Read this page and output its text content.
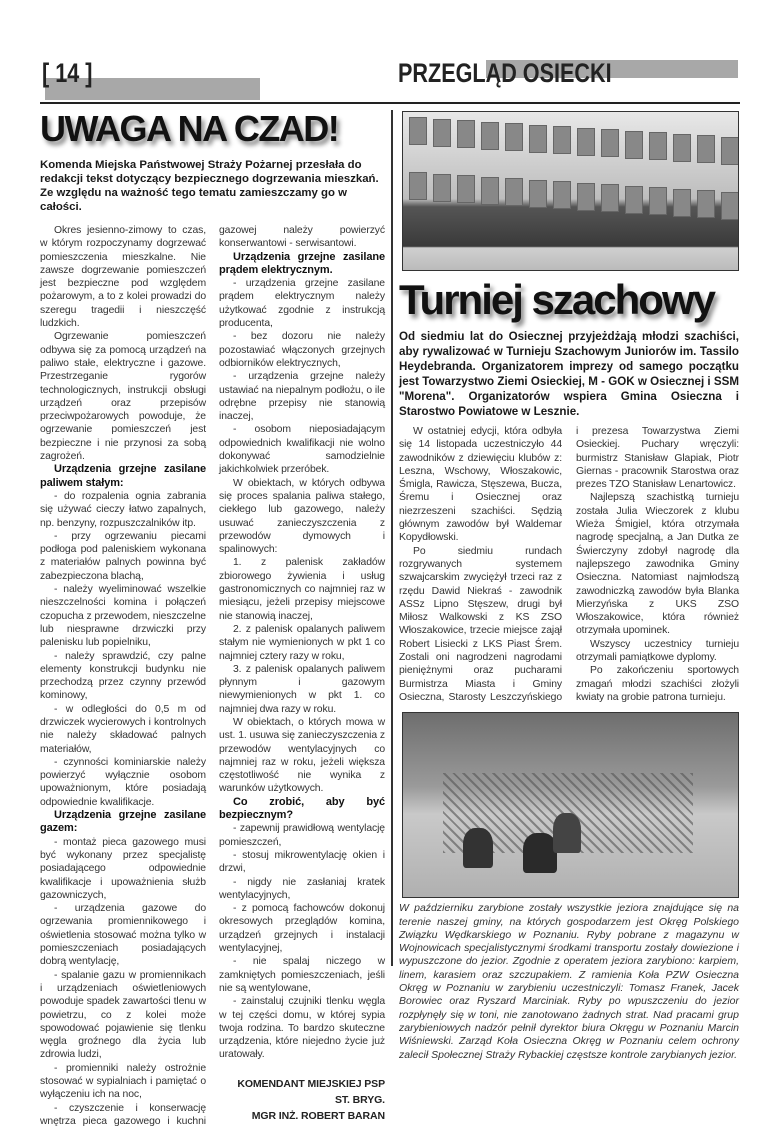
[ 14 ]	PRZEGLĄD OSIECKI
UWAGA NA CZAD!

Komenda Miejska Państwowej Straży Pożarnej przesłała do redakcji tekst dotyczący bezpiecznego dogrzewania mieszkań. Ze względu na ważność tego tematu zamieszczamy go w całości.

Okres jesienno-zimowy to czas, w którym rozpoczynamy dogrzewać pomieszczenia mieszkalne. Nie zawsze dogrzewanie pomieszczeń jest bezpieczne pod względem pożarowym, a to z kolei prowadzi do szeregu tragedii i nieszczęść ludzkich.

Ogrzewanie pomieszczeń odbywa się za pomocą urządzeń na paliwo stałe, elektryczne i gazowe. Przestrzeganie rygorów technologicznych, instrukcji obsługi urządzeń oraz przepisów przeciwpożarowych powoduje, że ogrzewanie pomieszczeń jest bezpieczne i nie przynosi za sobą zagrożeń.

Urządzenia grzejne zasilane paliwem stałym:

- do rozpalenia ognia zabrania się używać cieczy łatwo zapalnych, np. benzyny, rozpuszczalników itp.

- przy ogrzewaniu piecami podłoga pod paleniskiem wykonana z materiałów palnych powinna być zabezpieczona blachą,

- należy wyeliminować wszelkie nieszczelności komina i połączeń czopucha z przewodem, nieszczelne lub niesprawne drzwiczki przy palenisku lub popielniku,

- należy sprawdzić, czy palne elementy konstrukcji budynku nie przechodzą przez czynny przewód kominowy,

- w odległości do 0,5 m od drzwiczek wycierowych i kontrolnych nie należy składować palnych materiałów,

- czynności kominiarskie należy powierzyć wyłącznie osobom upoważnionym, które posiadają odpowiednie kwalifikacje.

Urządzenia grzejne zasilane gazem:

- montaż pieca gazowego musi być wykonany przez specjalistę posiadającego odpowiednie kwalifikacje i upoważnienia służb gazowniczych,

- urządzenia gazowe do ogrzewania promiennikowego i oświetlenia stosować można tylko w pomieszczeniach posiadających dobrą wentylację,

- spalanie gazu w promiennikach i urządzeniach oświetleniowych powoduje spadek zawartości tlenu w powietrzu, co z kolei może spowodować pojawienie się tlenku węgla groźnego dla życia lub zdrowia ludzi,

- promienniki należy ostrożnie stosować w sypialniach i pamiętać o wyłączeniu ich na noc,

- czyszczenie i konserwację wnętrza pieca gazowego i kuchni gazowej należy powierzyć konserwantowi - serwisantowi.

Urządzenia grzejne zasilane prądem elektrycznym.

- urządzenia grzejne zasilane prądem elektrycznym należy użytkować zgodnie z instrukcją producenta,

- bez dozoru nie należy pozostawiać włączonych grzejnych odbiorników elektrycznych,

- urządzenia grzejne należy ustawiać na niepalnym podłożu, o ile odrębne przepisy nie stanowią inaczej,

- osobom nieposiadającym odpowiednich kwalifikacji nie wolno dokonywać samodzielnie jakichkolwiek przeróbek.

W obiektach, w których odbywa się proces spalania paliwa stałego, ciekłego lub gazowego, należy usuwać zanieczyszczenia z przewodów dymowych i spalinowych:

1. z palenisk zakładów zbiorowego żywienia i usług gastronomicznych co najmniej raz w miesiącu, jeżeli przepisy miejscowe nie stanowią inaczej,

2. z palenisk opalanych paliwem stałym nie wymienionych w pkt 1 co najmniej cztery razy w roku,

3. z palenisk opalanych paliwem płynnym i gazowym niewymienionych w pkt 1. co najmniej dwa razy w roku.

W obiektach, o których mowa w ust. 1. usuwa się zanieczyszczenia z przewodów wentylacyjnych co najmniej raz w roku, jeżeli większa częstotliwość nie wynika z warunków użytkowych.

Co zrobić, aby być bezpiecznym?

- zapewnij prawidłową wentylację pomieszczeń,

- stosuj mikrowentylację okien i drzwi,

- nigdy nie zasłaniaj kratek wentylacyjnych,

- z pomocą fachowców dokonuj okresowych przeglądów komina, urządzeń grzejnych i instalacji wentylacyjnej,

- nie spalaj niczego w zamkniętych pomieszczeniach, jeśli nie są wentylowane,

- zainstaluj czujniki tlenku węgla w tej części domu, w której sypia twoja rodzina. To bardzo skuteczne urządzenia, które niejedno życie już uratowały.

KOMENDANT MIEJSKIEJ PSP
ST. BRYG.
MGR INŻ. ROBERT BARAN
Turniej szachowy

Od siedmiu lat do Osiecznej przyjeżdżają młodzi szachiści, aby rywalizować w Turnieju Szachowym Juniorów im. Tassilo Heydebranda. Organizatorem imprezy od samego początku jest Towarzystwo Ziemi Osieckiej, M - GOK w Osiecznej i SSM "Morena". Organizatorów wspiera Gmina Osieczna i Starostwo Powiatowe w Lesznie.

W ostatniej edycji, która odbyła się 14 listopada uczestniczyło 44 zawodników z dziewięciu klubów z: Leszna, Wschowy, Włoszakowic, Śmigla, Rawicza, Stęszewa, Bucza, Śremu i Osiecznej oraz niezrzeszeni szachiści. Sędzią głównym zawodów był Waldemar Kopydłowski.

Po siedmiu rundach rozgrywanych systemem szwajcarskim zwyciężył trzeci raz z rzędu Dawid Niekraś - zawodnik ASSz Lipno Stęszew, drugi był Miłosz Walkowski z KS ZSO Włoszakowice, trzecie miejsce zajął Robert Lisiecki z LKS Piast Śrem. Zostali oni nagrodzeni nagrodami pieniężnymi oraz pucharami Burmistrza Miasta i Gminy Osieczna, Starosty Leszczyńskiego i prezesa Towarzystwa Ziemi Osieckiej. Puchary wręczyli: burmistrz Stanisław Glapiak, Piotr Giernas - pracownik Starostwa oraz prezes TZO Stanisław Lenartowicz.

Najlepszą szachistką turnieju została Julia Wieczorek z klubu Wieża Śmigiel, która otrzymała nagrodę specjalną, a Jan Dutka ze Świerczyny zdobył nagrodę dla najlepszego zawodnika Gminy Osieczna. Natomiast najmłodszą zawodniczką zawodów była Blanka Mierzyńska z UKS ZSO Włoszakowice, która również otrzymała upominek.

Wszyscy uczestnicy turnieju otrzymali pamiątkowe dyplomy.

Po zakończeniu sportowych zmagań młodzi szachiści złożyli kwiaty na grobie patrona turnieju.

W październiku zarybione zostały wszystkie jeziora znajdujące się na terenie naszej gminy, na których gospodarzem jest Okręg Polskiego Związku Wędkarskiego w Poznaniu. Ryby pobrane z magazynu w Wojnowicach specjalistycznymi środkami transportu zostały dowiezione i wypuszczone do jezior. Zgodnie z operatem jeziora zarybiono: karpiem, linem, karasiem oraz szczupakiem. Z ramienia Koła PZW Osieczna Okręg w Poznaniu w zarybieniu uczestniczyli: Tomasz Franek, Jacek Borowiec oraz Ryszard Marciniak. Ryby po wpuszczeniu do jezior rozpłynęły się w toni, nie zanotowano żadnych strat. Nad pracami grup zarybieniowych nadzór pełnił dyrektor biura Okręgu w Poznaniu Marcin Wiśniewski. Zarząd Koła Osieczna Okręg w Poznaniu celem ochrony zalecił Społecznej Straży Rybackiej częstsze kontrole zarybianych jezior.
